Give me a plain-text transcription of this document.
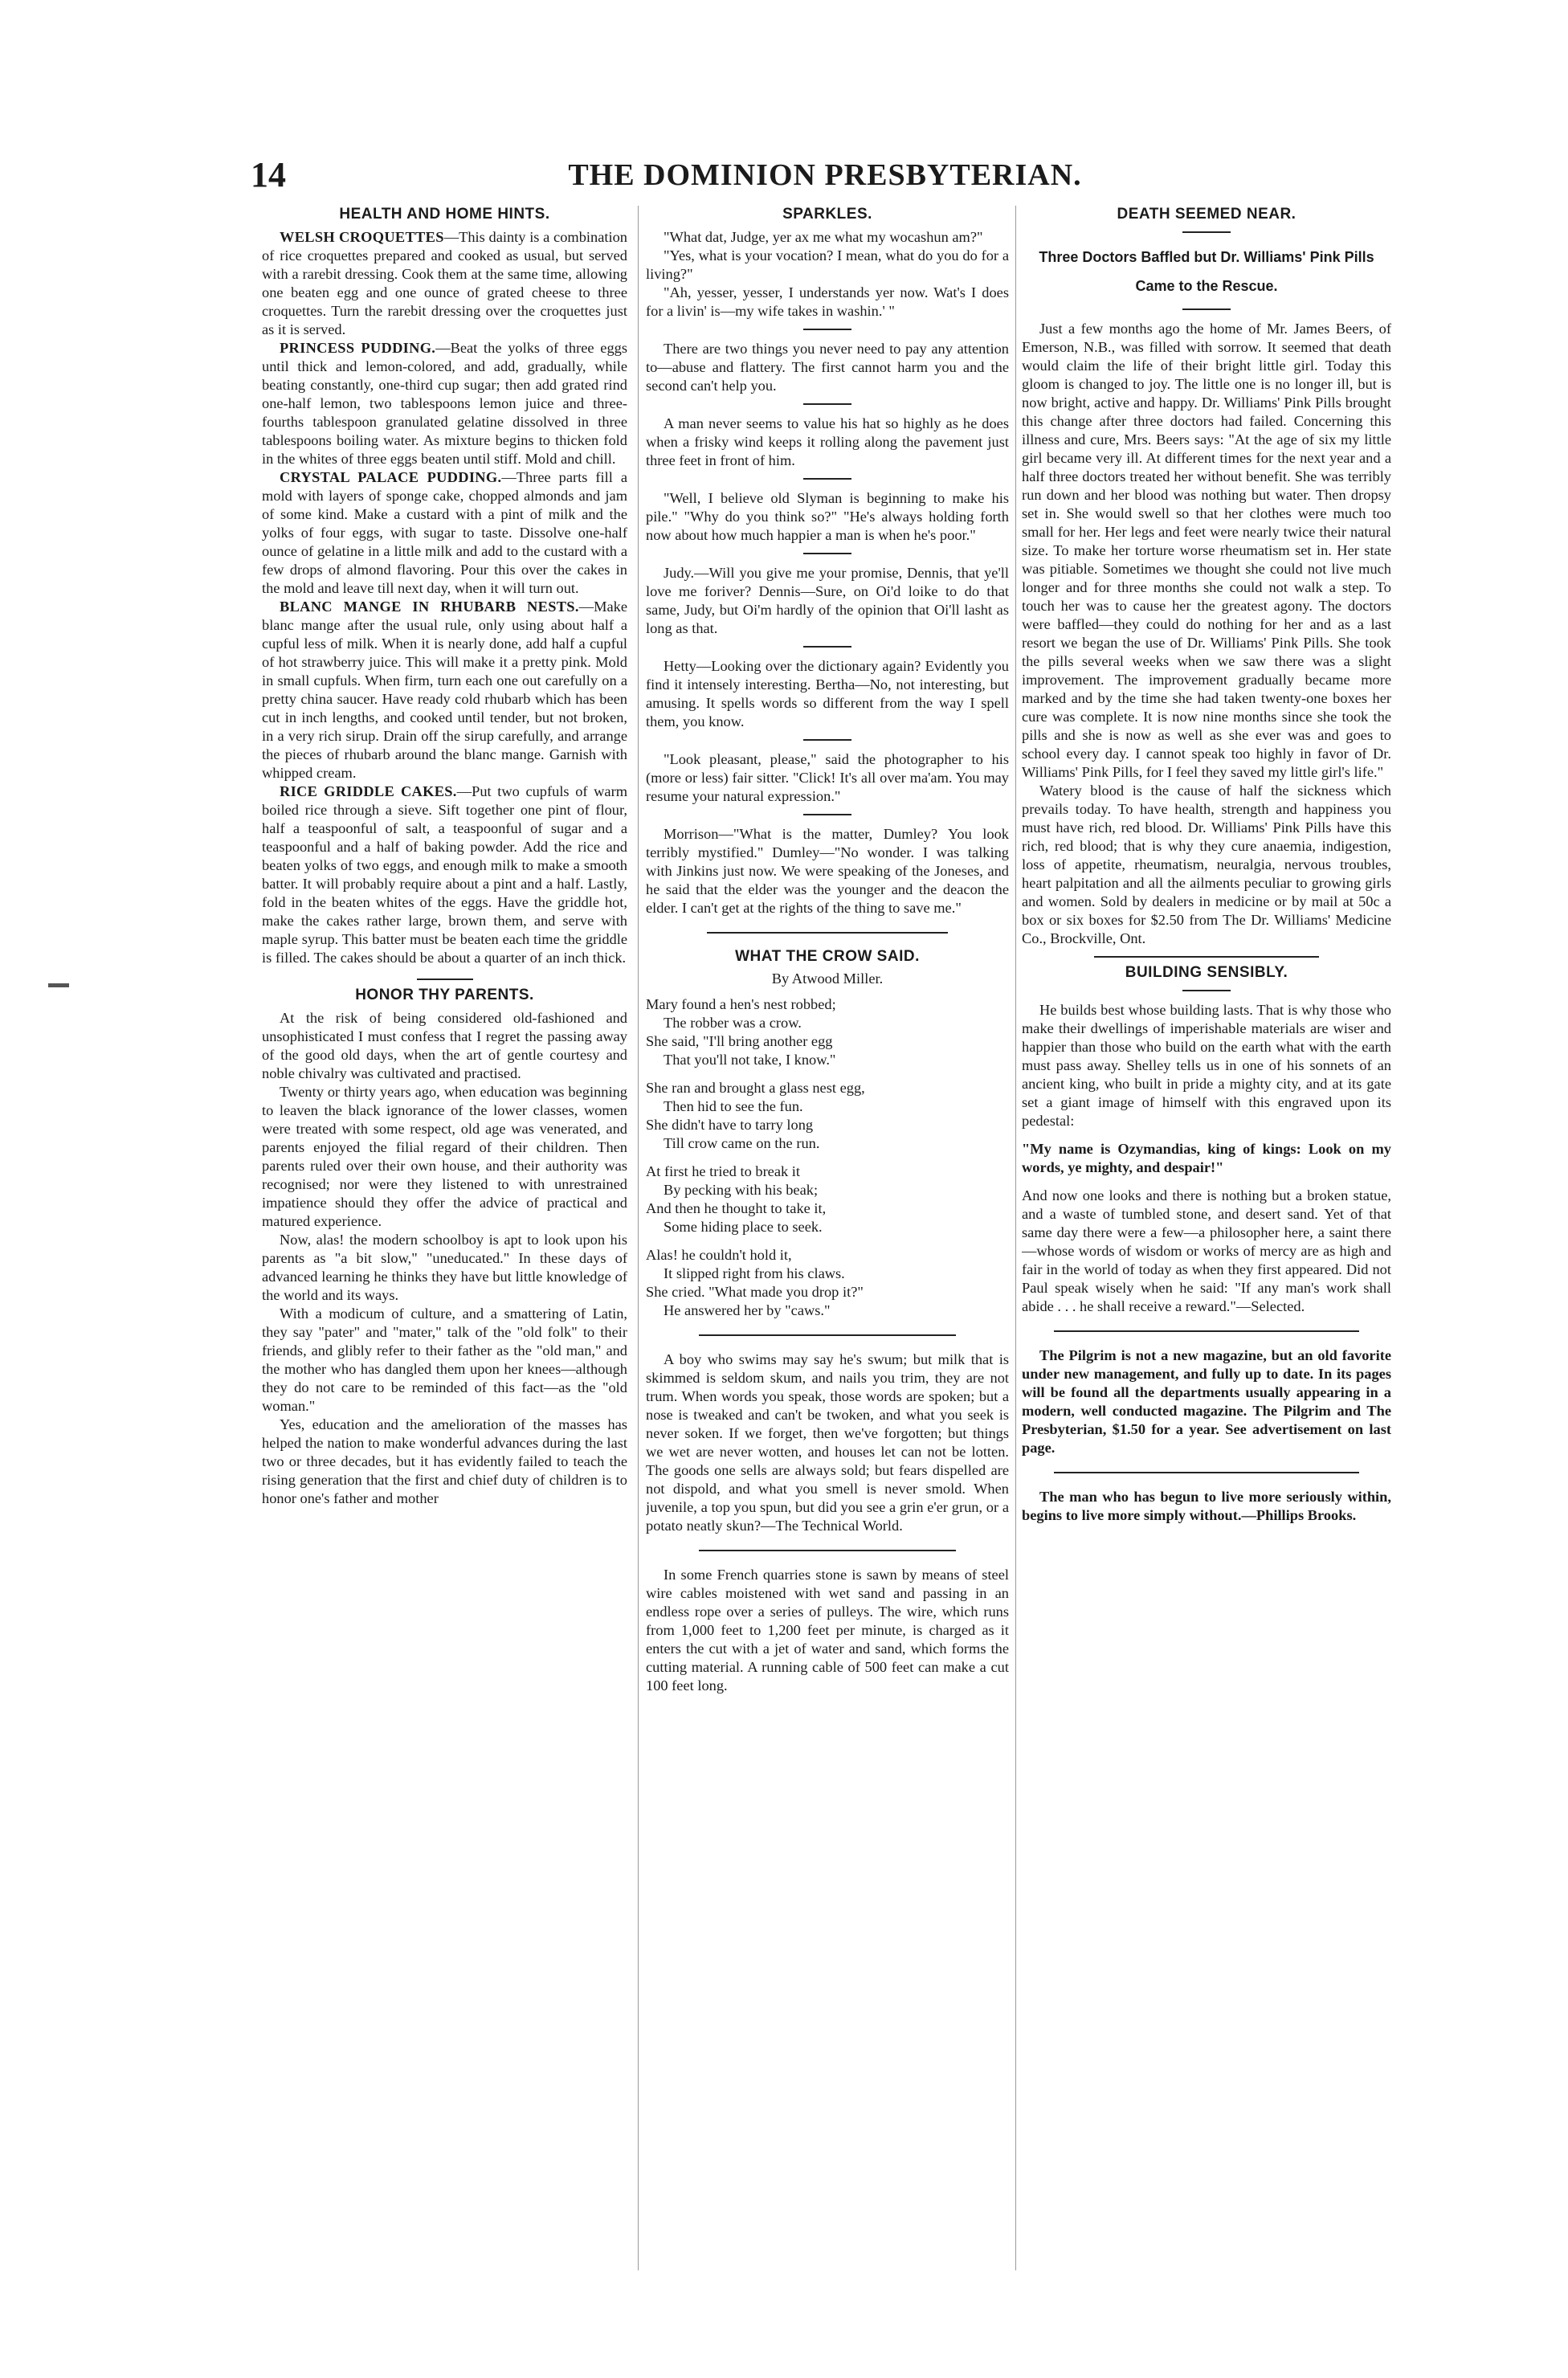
14	THE DOMINION PRESBYTERIAN.
HEALTH AND HOME HINTS.

WELSH CROQUETTES—This dainty is a combination of rice croquettes prepared and cooked as usual, but served with a rarebit dressing. Cook them at the same time, allowing one beaten egg and one ounce of grated cheese to three croquettes. Turn the rarebit dressing over the croquettes just as it is served.

PRINCESS PUDDING.—Beat the yolks of three eggs until thick and lemon-colored, and add, gradually, while beating constantly, one-third cup sugar; then add grated rind one-half lemon, two tablespoons lemon juice and three-fourths tablespoon granulated gelatine dissolved in three tablespoons boiling water. As mixture begins to thicken fold in the whites of three eggs beaten until stiff. Mold and chill.

CRYSTAL PALACE PUDDING.—Three parts fill a mold with layers of sponge cake, chopped almonds and jam of some kind. Make a custard with a pint of milk and the yolks of four eggs, with sugar to taste. Dissolve one-half ounce of gelatine in a little milk and add to the custard with a few drops of almond flavoring. Pour this over the cakes in the mold and leave till next day, when it will turn out.

BLANC MANGE IN RHUBARB NESTS.—Make blanc mange after the usual rule, only using about half a cupful less of milk. When it is nearly done, add half a cupful of hot strawberry juice. This will make it a pretty pink. Mold in small cupfuls. When firm, turn each one out carefully on a pretty china saucer. Have ready cold rhubarb which has been cut in inch lengths, and cooked until tender, but not broken, in a very rich sirup. Drain off the sirup carefully, and arrange the pieces of rhubarb around the blanc mange. Garnish with whipped cream.

RICE GRIDDLE CAKES.—Put two cupfuls of warm boiled rice through a sieve. Sift together one pint of flour, half a teaspoonful of salt, a teaspoonful of sugar and a teaspoonful and a half of baking powder. Add the rice and beaten yolks of two eggs, and enough milk to make a smooth batter. It will probably require about a pint and a half. Lastly, fold in the beaten whites of the eggs. Have the griddle hot, make the cakes rather large, brown them, and serve with maple syrup. This batter must be beaten each time the griddle is filled. The cakes should be about a quarter of an inch thick.

HONOR THY PARENTS.

At the risk of being considered old-fashioned and unsophisticated I must confess that I regret the passing away of the good old days, when the art of gentle courtesy and noble chivalry was cultivated and practised.

Twenty or thirty years ago, when education was beginning to leaven the black ignorance of the lower classes, women were treated with some respect, old age was venerated, and parents enjoyed the filial regard of their children. Then parents ruled over their own house, and their authority was recognised; nor were they listened to with unrestrained impatience should they offer the advice of practical and matured experience.

Now, alas! the modern schoolboy is apt to look upon his parents as "a bit slow," "uneducated." In these days of advanced learning he thinks they have but little knowledge of the world and its ways.

With a modicum of culture, and a smattering of Latin, they say "pater" and "mater," talk of the "old folk" to their friends, and glibly refer to their father as the "old man," and the mother who has dangled them upon her knees—although they do not care to be reminded of this fact—as the "old woman."

Yes, education and the amelioration of the masses has helped the nation to make wonderful advances during the last two or three decades, but it has evidently failed to teach the rising generation that the first and chief duty of children is to honor one's father and mother

SPARKLES.

"What dat, Judge, yer ax me what my wocashun am?"

"Yes, what is your vocation? I mean, what do you do for a living?"

"Ah, yesser, yesser, I understands yer now. Wat's I does for a livin' is—my wife takes in washin.' "

There are two things you never need to pay any attention to—abuse and flattery. The first cannot harm you and the second can't help you.

A man never seems to value his hat so highly as he does when a frisky wind keeps it rolling along the pavement just three feet in front of him.

"Well, I believe old Slyman is beginning to make his pile." "Why do you think so?" "He's always holding forth now about how much happier a man is when he's poor."

Judy.—Will you give me your promise, Dennis, that ye'll love me foriver? Dennis—Sure, on Oi'd loike to do that same, Judy, but Oi'm hardly of the opinion that Oi'll lasht as long as that.

Hetty—Looking over the dictionary again? Evidently you find it intensely interesting. Bertha—No, not interesting, but amusing. It spells words so different from the way I spell them, you know.

"Look pleasant, please," said the photographer to his (more or less) fair sitter. "Click! It's all over ma'am. You may resume your natural expression."

Morrison—"What is the matter, Dumley? You look terribly mystified." Dumley—"No wonder. I was talking with Jinkins just now. We were speaking of the Joneses, and he said that the elder was the younger and the deacon the elder. I can't get at the rights of the thing to save me."

WHAT THE CROW SAID.
By Atwood Miller.
Mary found a hen's nest robbed;
The robber was a crow.
She said, "I'll bring another egg
That you'll not take, I know."
She ran and brought a glass nest egg,
Then hid to see the fun.
She didn't have to tarry long
Till crow came on the run.
At first he tried to break it
By pecking with his beak;
And then he thought to take it,
Some hiding place to seek.
Alas! he couldn't hold it,
It slipped right from his claws.
She cried. "What made you drop it?"
He answered her by "caws."

A boy who swims may say he's swum; but milk that is skimmed is seldom skum, and nails you trim, they are not trum. When words you speak, those words are spoken; but a nose is tweaked and can't be twoken, and what you seek is never soken. If we forget, then we've forgotten; but things we wet are never wotten, and houses let can not be lotten. The goods one sells are always sold; but fears dispelled are not dispold, and what you smell is never smold. When juvenile, a top you spun, but did you see a grin e'er grun, or a potato neatly skun?—The Technical World.

In some French quarries stone is sawn by means of steel wire cables moistened with wet sand and passing in an endless rope over a series of pulleys. The wire, which runs from 1,000 feet to 1,200 feet per minute, is charged as it enters the cut with a jet of water and sand, which forms the cutting material. A running cable of 500 feet can make a cut 100 feet long.

DEATH SEEMED NEAR.
Three Doctors Baffled but Dr. Williams' Pink Pills Came to the Rescue.

Just a few months ago the home of Mr. James Beers, of Emerson, N.B., was filled with sorrow. It seemed that death would claim the life of their bright little girl. Today this gloom is changed to joy. The little one is no longer ill, but is now bright, active and happy. Dr. Williams' Pink Pills brought this change after three doctors had failed. Concerning this illness and cure, Mrs. Beers says: "At the age of six my little girl became very ill. At different times for the next year and a half three doctors treated her without benefit. She was terribly run down and her blood was nothing but water. Then dropsy set in. She would swell so that her clothes were much too small for her. Her legs and feet were nearly twice their natural size. To make her torture worse rheumatism set in. Her state was pitiable. Sometimes we thought she could not live much longer and for three months she could not walk a step. To touch her was to cause her the greatest agony. The doctors were baffled—they could do nothing for her and as a last resort we began the use of Dr. Williams' Pink Pills. She took the pills several weeks when we saw there was a slight improvement. The improvement gradually became more marked and by the time she had taken twenty-one boxes her cure was complete. It is now nine months since she took the pills and she is now as well as she ever was and goes to school every day. I cannot speak too highly in favor of Dr. Williams' Pink Pills, for I feel they saved my little girl's life."

Watery blood is the cause of half the sickness which prevails today. To have health, strength and happiness you must have rich, red blood. Dr. Williams' Pink Pills have this rich, red blood; that is why they cure anaemia, indigestion, loss of appetite, rheumatism, neuralgia, nervous troubles, heart palpitation and all the ailments peculiar to growing girls and women. Sold by dealers in medicine or by mail at 50c a box or six boxes for $2.50 from The Dr. Williams' Medicine Co., Brockville, Ont.

BUILDING SENSIBLY.

He builds best whose building lasts. That is why those who make their dwellings of imperishable materials are wiser and happier than those who build on the earth what with the earth must pass away. Shelley tells us in one of his sonnets of an ancient king, who built in pride a mighty city, and at its gate set a giant image of himself with this engraved upon its pedestal:

"My name is Ozymandias, king of kings: Look on my words, ye mighty, and despair!"

And now one looks and there is nothing but a broken statue, and a waste of tumbled stone, and desert sand. Yet of that same day there were a few—a philosopher here, a saint there—whose words of wisdom or works of mercy are as high and fair in the world of today as when they first appeared. Did not Paul speak wisely when he said: "If any man's work shall abide . . . he shall receive a reward."—Selected.

The Pilgrim is not a new magazine, but an old favorite under new management, and fully up to date. In its pages will be found all the departments usually appearing in a modern, well conducted magazine. The Pilgrim and The Presbyterian, $1.50 for a year. See advertisement on last page.

The man who has begun to live more seriously within, begins to live more simply without.—Phillips Brooks.
